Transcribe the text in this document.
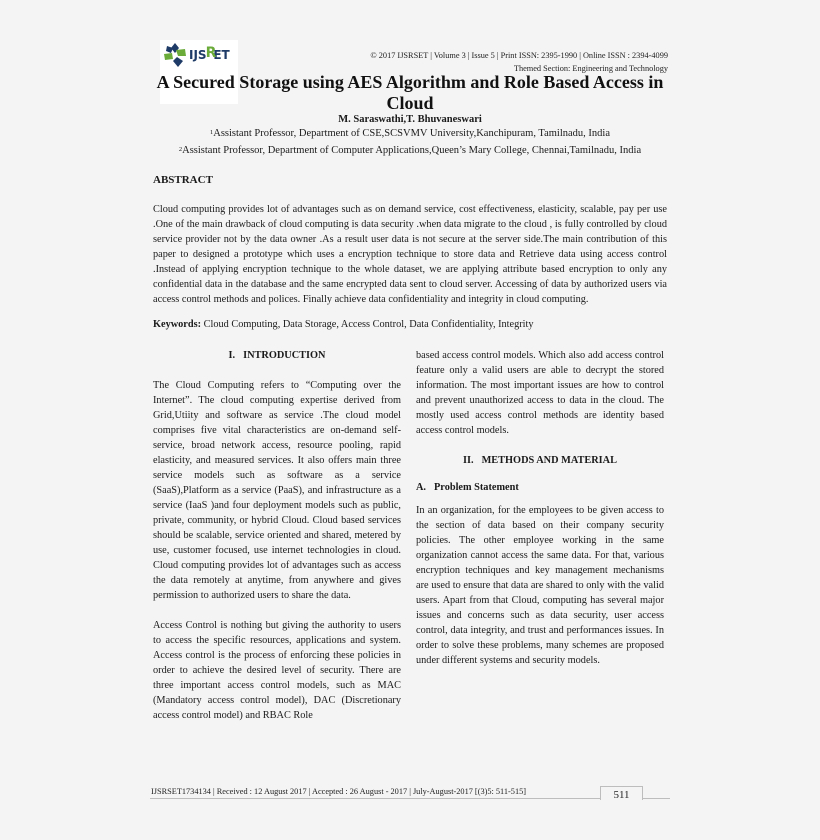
IJSRET	© 2017 IJSRSET | Volume 3 | Issue 5 | Print ISSN: 2395-1990 | Online ISSN : 2394-4099
Themed Section: Engineering and Technology
A Secured Storage using AES Algorithm and Role Based Access in Cloud
M. Saraswathi,T. Bhuvaneswari
$^1$Assistant Professor, Department of CSE,SCSVMV University,Kanchipuram, Tamilnadu, India
$^2$Assistant Professor, Department of Computer Applications,Queen’s Mary College, Chennai,Tamilnadu, India
ABSTRACT

Cloud computing provides lot of advantages such as on demand service, cost effectiveness, elasticity, scalable, pay per use .One of the main drawback of cloud computing is data security .when data migrate to the cloud , is fully controlled by cloud service provider not by the data owner .As a result user data is not secure at the server side.The main contribution of this paper to designed a prototype which uses a encryption technique to store data and Retrieve data using access control .Instead of applying encryption technique to the whole dataset, we are applying attribute based encryption to only any confidential data in the database and the same encrypted data sent to cloud server. Accessing of data by authorized users via access control methods and polices. Finally achieve data confidentiality and integrity in cloud computing.

Keywords: Cloud Computing, Data Storage, Access Control, Data Confidentiality, Integrity
I. INTRODUCTION

The Cloud Computing refers to “Computing over the Internet”. The cloud computing expertise derived from Grid,Utiity and software as service .The cloud model comprises five vital characteristics are on-demand self-service, broad network access, resource pooling, rapid elasticity, and measured services. It also offers main three service models such as software as a service (SaaS),Platform as a service (PaaS), and infrastructure as a service (IaaS )and four deployment models such as public, private, community, or hybrid Cloud. Cloud based services should be scalable, service oriented and shared, metered by use, customer focused, use internet technologies in cloud. Cloud computing provides lot of advantages such as access the data remotely at anytime, from anywhere and gives permission to authorized users to share the data.

Access Control is nothing but giving the authority to users to access the specific resources, applications and system. Access control is the process of enforcing these policies in order to achieve the desired level of security. There are three important access control models, such as MAC (Mandatory access control model), DAC (Discretionary access control model) and RBAC Role

based access control models. Which also add access control feature only a valid users are able to decrypt the stored information. The most important issues are how to control and prevent unauthorized access to data in the cloud. The mostly used access control methods are identity based access control models.

II. METHODS AND MATERIAL
A. Problem Statement

In an organization, for the employees to be given access to the section of data based on their company security policies. The other employee working in the same organization cannot access the same data. For that, various encryption techniques and key management mechanisms are used to ensure that data are shared to only with the valid users. Apart from that Cloud, computing has several major issues and concerns such as data security, user access control, data integrity, and trust and performances issues. In order to solve these problems, many schemes are proposed under different systems and security models.

IJSRSET1734134 | Received : 12 August 2017 | Accepted : 26 August - 2017 | July-August-2017 [(3)5: 511-515]	511
